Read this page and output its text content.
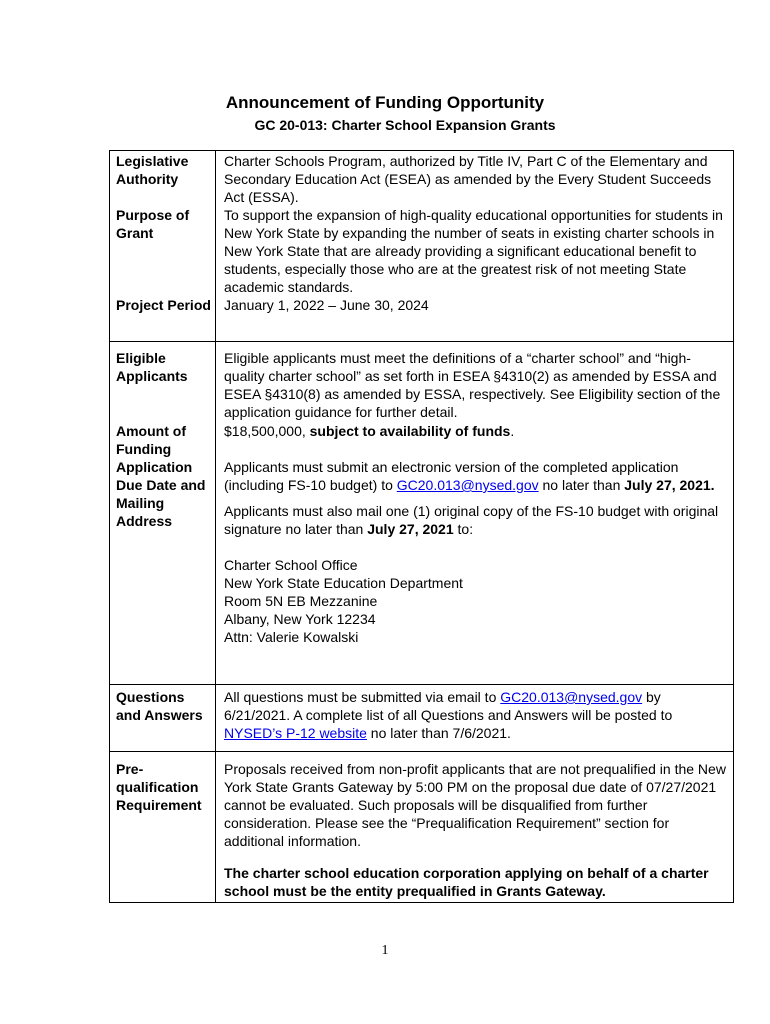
Announcement of Funding Opportunity
GC 20-013: Charter School Expansion Grants
Legislative Authority
Charter Schools Program, authorized by Title IV, Part C of the Elementary and Secondary Education Act (ESEA) as amended by the Every Student Succeeds Act (ESSA).
Purpose of Grant
To support the expansion of high-quality educational opportunities for students in New York State by expanding the number of seats in existing charter schools in New York State that are already providing a significant educational benefit to students, especially those who are at the greatest risk of not meeting State academic standards.
Project Period January 1, 2022 – June 30, 2024
Eligible Applicants
Eligible applicants must meet the definitions of a “charter school” and “high-quality charter school” as set forth in ESEA §4310(2) as amended by ESSA and ESEA §4310(8) as amended by ESSA, respectively. See Eligibility section of the application guidance for further detail.
Amount of Funding
$18,500,000, subject to availability of funds.
Application Due Date and Mailing Address

Applicants must submit an electronic version of the completed application (including FS-10 budget) to GC20.013@nysed.gov no later than July 27, 2021.

Applicants must also mail one (1) original copy of the FS-10 budget with original signature no later than July 27, 2021 to:

Charter School Office
New York State Education Department
Room 5N EB Mezzanine
Albany, New York 12234
Attn: Valerie Kowalski

Questions and Answers
All questions must be submitted via email to GC20.013@nysed.gov by 6/21/2021. A complete list of all Questions and Answers will be posted to NYSED’s P-12 website no later than 7/6/2021.
Pre-qualification Requirement

Proposals received from non-profit applicants that are not prequalified in the New York State Grants Gateway by 5:00 PM on the proposal due date of 07/27/2021 cannot be evaluated. Such proposals will be disqualified from further consideration. Please see the “Prequalification Requirement” section for additional information.

The charter school education corporation applying on behalf of a charter school must be the entity prequalified in Grants Gateway.

1
